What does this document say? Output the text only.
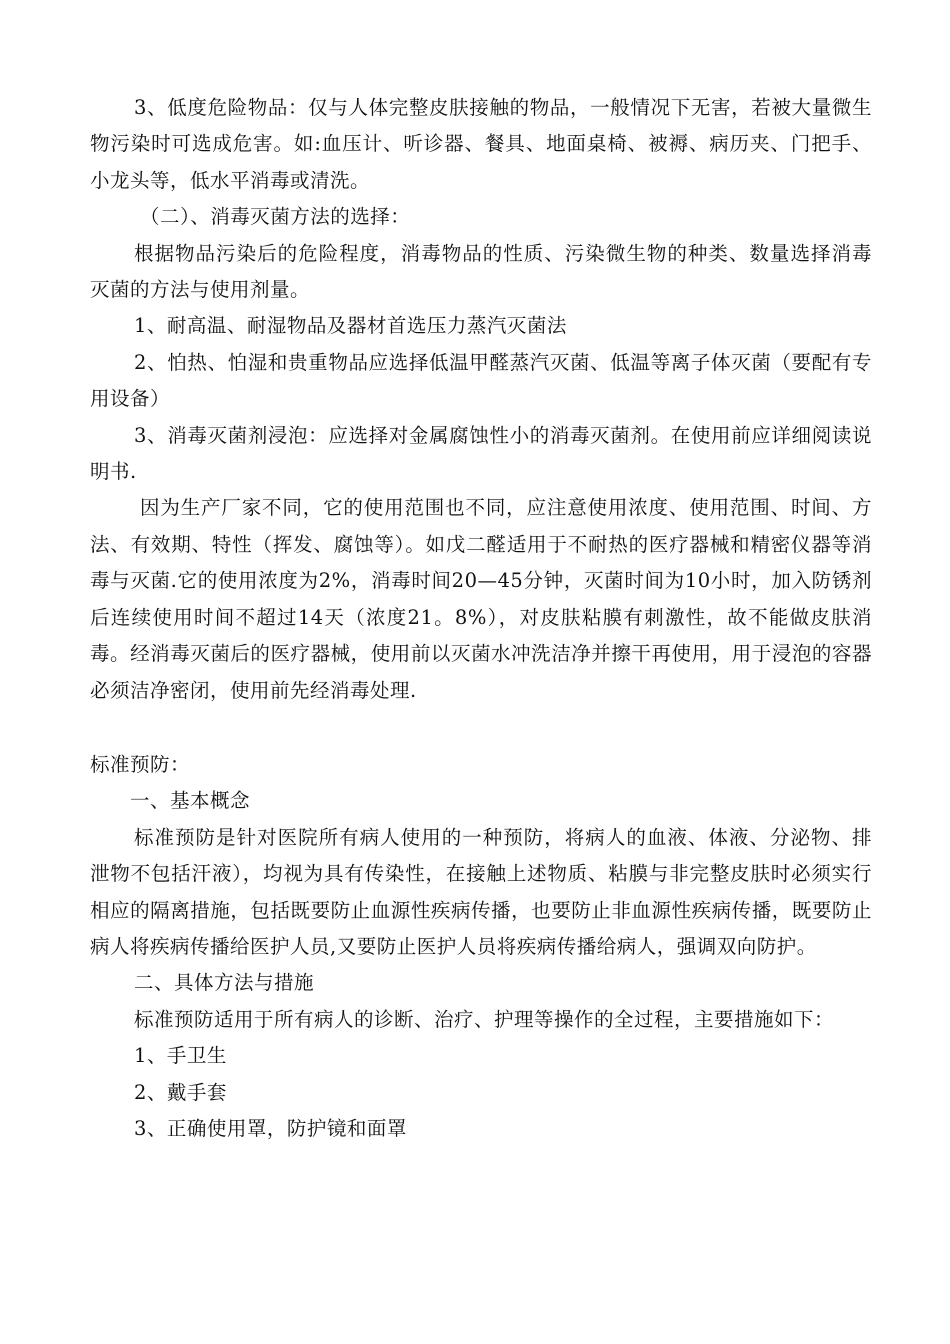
3、低度危险物品：仅与人体完整皮肤接触的物品，一般情况下无害，若被大量微生物污染时可选成危害。如:血压计、听诊器、餐具、地面桌椅、被褥、病历夹、门把手、小龙头等，低水平消毒或清洗。

（二）、消毒灭菌方法的选择：

根据物品污染后的危险程度，消毒物品的性质、污染微生物的种类、数量选择消毒灭菌的方法与使用剂量。

1、耐高温、耐湿物品及器材首选压力蒸汽灭菌法

2、怕热、怕湿和贵重物品应选择低温甲醛蒸汽灭菌、低温等离子体灭菌（要配有专用设备）

3、消毒灭菌剂浸泡：应选择对金属腐蚀性小的消毒灭菌剂。在使用前应详细阅读说明书.

因为生产厂家不同，它的使用范围也不同，应注意使用浓度、使用范围、时间、方法、有效期、特性（挥发、腐蚀等）。如戊二醛适用于不耐热的医疗器械和精密仪器等消毒与灭菌.它的使用浓度为2%，消毒时间20—45分钟，灭菌时间为10小时，加入防锈剂后连续使用时间不超过14天（浓度21。8%），对皮肤粘膜有刺激性，故不能做皮肤消毒。经消毒灭菌后的医疗器械，使用前以灭菌水冲洗洁净并擦干再使用，用于浸泡的容器必须洁净密闭，使用前先经消毒处理.

标准预防：

一、基本概念

标准预防是针对医院所有病人使用的一种预防，将病人的血液、体液、分泌物、排泄物不包括汗液），均视为具有传染性，在接触上述物质、粘膜与非完整皮肤时必须实行相应的隔离措施，包括既要防止血源性疾病传播，也要防止非血源性疾病传播，既要防止病人将疾病传播给医护人员,又要防止医护人员将疾病传播给病人，强调双向防护。

二、具体方法与措施

标准预防适用于所有病人的诊断、治疗、护理等操作的全过程，主要措施如下：

1、手卫生

2、戴手套

3、正确使用罩，防护镜和面罩
